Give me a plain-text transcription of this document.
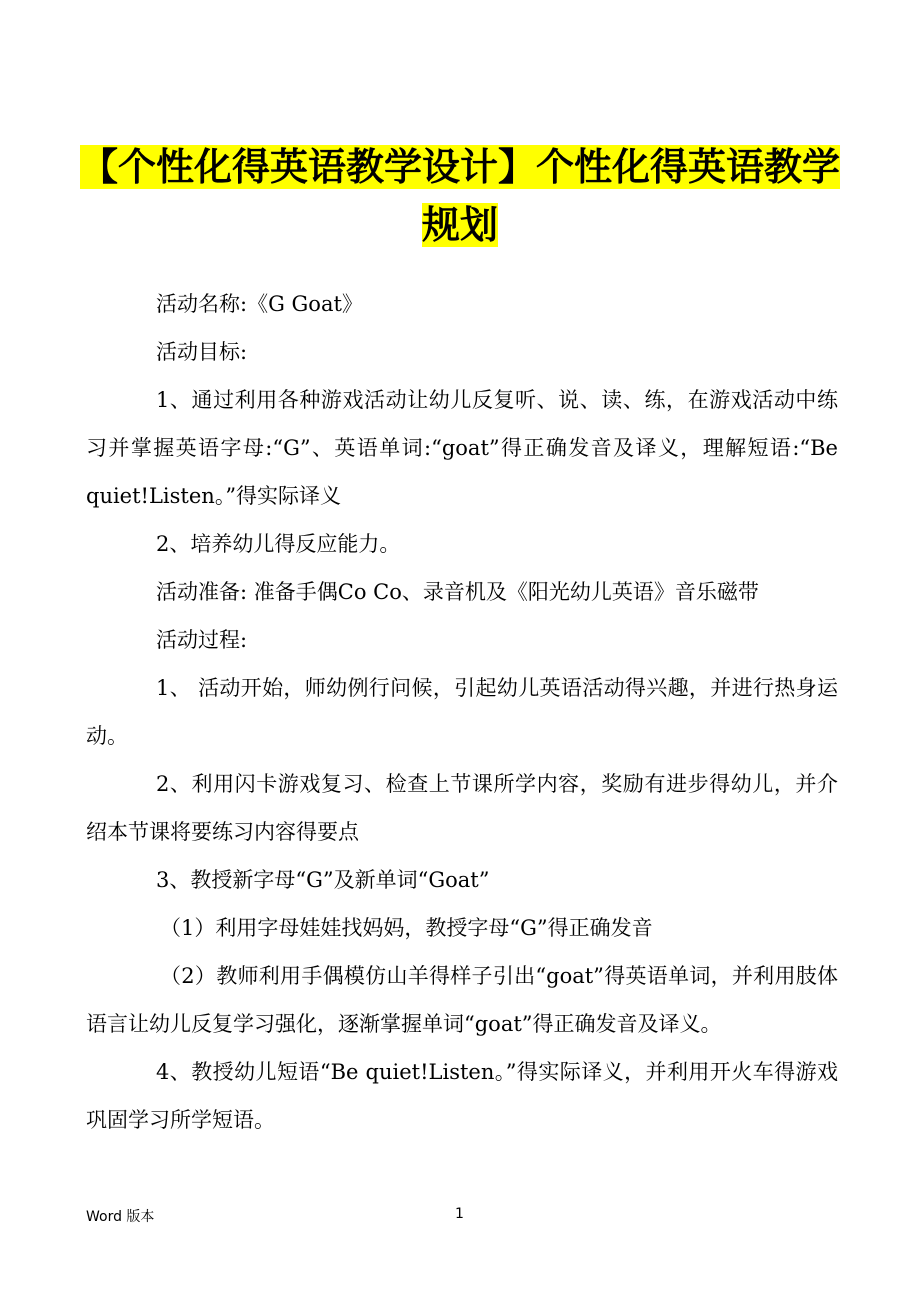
【个性化得英语教学设计】个性化得英语教学
规划

活动名称:《G Goat》

活动目标:

1、通过利用各种游戏活动让幼儿反复听、说、读、练，在游戏活动中练习并掌握英语字母:“G”、英语单词:“goat”得正确发音及译义，理解短语:“Be quiet!Listen。”得实际译义

2、培养幼儿得反应能力。

活动准备: 准备手偶Co Co、录音机及《阳光幼儿英语》音乐磁带

活动过程:

1、 活动开始，师幼例行问候，引起幼儿英语活动得兴趣，并进行热身运动。

2、利用闪卡游戏复习、检查上节课所学内容，奖励有进步得幼儿，并介绍本节课将要练习内容得要点

3、教授新字母“G”及新单词“Goat”

（1）利用字母娃娃找妈妈，教授字母“G”得正确发音

（2）教师利用手偶模仿山羊得样子引出“goat”得英语单词，并利用肢体语言让幼儿反复学习强化，逐渐掌握单词“goat”得正确发音及译义。

4、教授幼儿短语“Be quiet!Listen。”得实际译义，并利用开火车得游戏巩固学习所学短语。

Word 版本	1
